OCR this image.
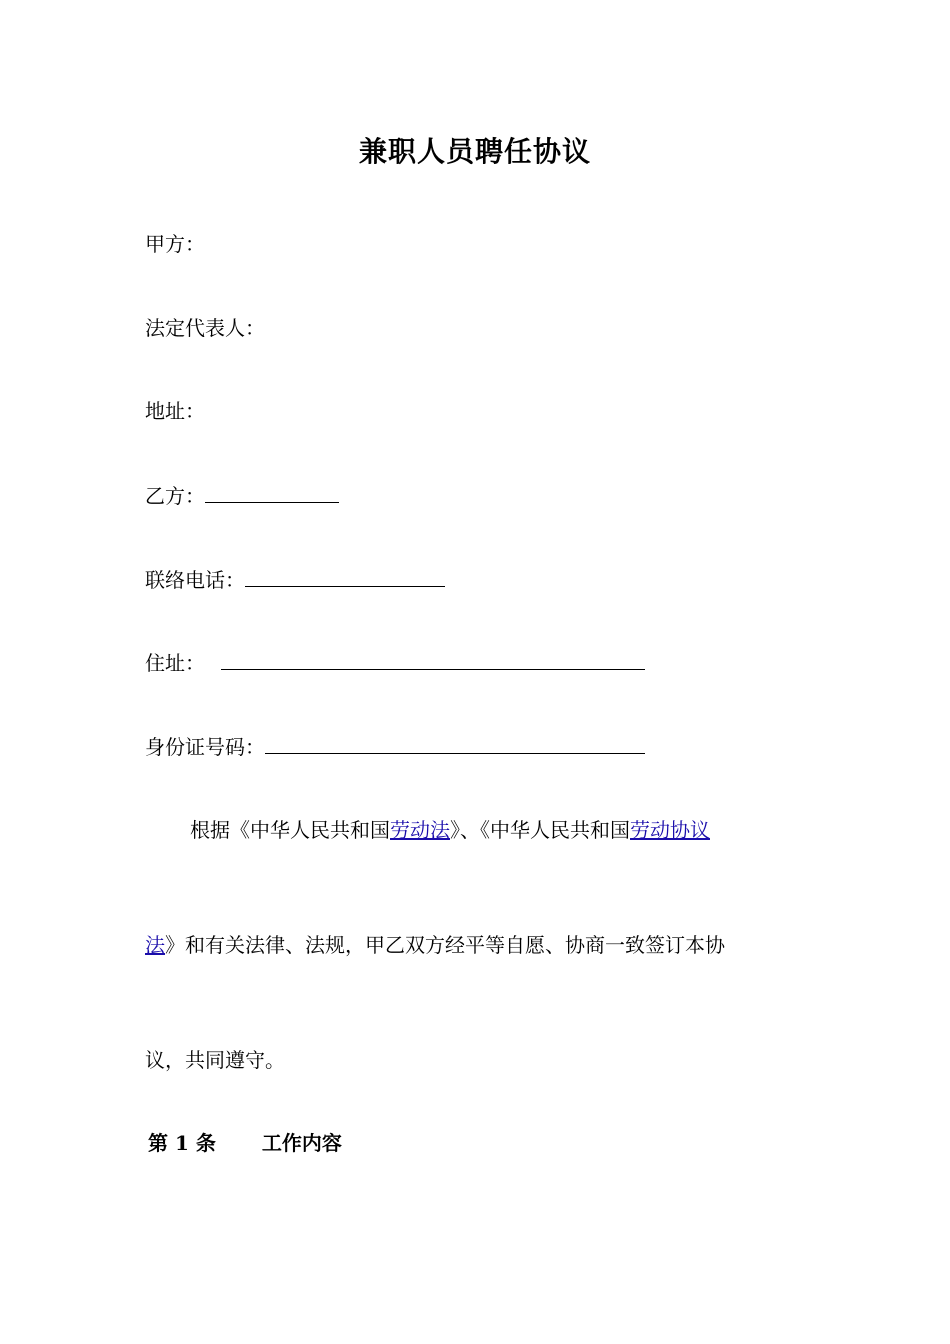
兼职人员聘任协议
甲方：
法定代表人：
地址：
乙方：
联络电话：
住址：
身份证号码：
根据《中华人民共和国劳动法》、《中华人民共和国劳动协议
法》和有关法律、法规，甲乙双方经平等自愿、协商一致签订本协
议，共同遵守。
第 1 条 工作内容
